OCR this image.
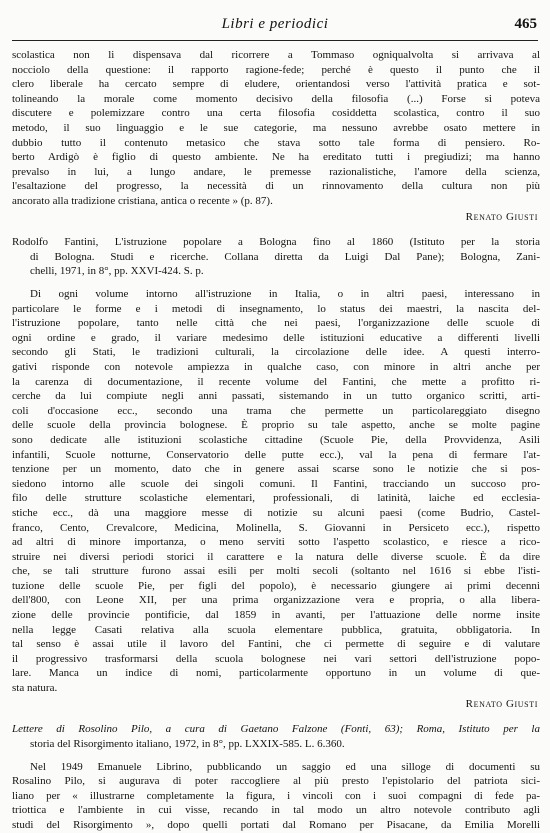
Libri e periodici	465
scolastica non li dispensava dal ricorrere a Tommaso ogniqualvolta si arrivava al
nocciolo della questione: il rapporto ragione-fede; perché è questo il punto che il
clero liberale ha cercato sempre di eludere, orientandosi verso l'attività pratica e sot-
tolineando la morale come momento decisivo della filosofia (...) Forse si poteva
discutere e polemizzare contro una certa filosofia cosiddetta scolastica, contro il suo
metodo, il suo linguaggio e le sue categorie, ma nessuno avrebbe osato mettere in
dubbio tutto il contenuto metasico che stava sotto tale forma di pensiero. Ro-
berto Ardigò è figlio di questo ambiente. Ne ha ereditato tutti i pregiudizi; ma hanno
prevalso in lui, a lungo andare, le premesse razionalistiche, l'amore della scienza,
l'esaltazione del progresso, la necessità di un rinnovamento della cultura non più
ancorato alla tradizione cristiana, antica o recente » (p. 87).
Renato Giusti
Rodolfo Fantini, L'istruzione popolare a Bologna fino al 1860 (Istituto per la storia
di Bologna. Studi e ricerche. Collana diretta da Luigi Dal Pane); Bologna, Zani-
chelli, 1971, in 8°, pp. XXVI-424. S. p.
Di ogni volume intorno all'istruzione in Italia, o in altri paesi, interessano in
particolare le forme e i metodi di insegnamento, lo status dei maestri, la nascita del-
l'istruzione popolare, tanto nelle città che nei paesi, l'organizzazione delle scuole di
ogni ordine e grado, il variare medesimo delle istituzioni educative a differenti livelli
secondo gli Stati, le tradizioni culturali, la circolazione delle idee. A questi interro-
gativi risponde con notevole ampiezza in qualche caso, con minore in altri anche per
la carenza di documentazione, il recente volume del Fantini, che mette a profitto ri-
cerche da lui compiute negli anni passati, sistemando in un tutto organico scritti, arti-
coli d'occasione ecc., secondo una trama che permette un particolareggiato disegno
delle scuole della provincia bolognese. È proprio su tale aspetto, anche se molte pagine
sono dedicate alle istituzioni scolastiche cittadine (Scuole Pie, della Provvidenza, Asili
infantili, Scuole notturne, Conservatorio delle putte ecc.), val la pena di fermare l'at-
tenzione per un momento, dato che in genere assai scarse sono le notizie che si pos-
siedono intorno alle scuole dei singoli comuni. Il Fantini, tracciando un succoso pro-
filo delle strutture scolastiche elementari, professionali, di latinità, laiche ed ecclesia-
stiche ecc., dà una maggiore messe di notizie su alcuni paesi (come Budrio, Castel-
franco, Cento, Crevalcore, Medicina, Molinella, S. Giovanni in Persiceto ecc.), rispetto
ad altri di minore importanza, o meno serviti sotto l'aspetto scolastico, e riesce a rico-
struire nei diversi periodi storici il carattere e la natura delle diverse scuole. È da dire
che, se tali strutture furono assai esili per molti secoli (soltanto nel 1616 si ebbe l'isti-
tuzione delle scuole Pie, per figli del popolo), è necessario giungere ai primi decenni
dell'800, con Leone XII, per una prima organizzazione vera e propria, o alla libera-
zione delle provincie pontificie, dal 1859 in avanti, per l'attuazione delle norme insite
nella legge Casati relativa alla scuola elementare pubblica, gratuita, obbligatoria. In
tal senso è assai utile il lavoro del Fantini, che ci permette di seguire e di valutare
il progressivo trasformarsi della scuola bolognese nei vari settori dell'istruzione popo-
lare. Manca un indice di nomi, particolarmente opportuno in un volume di que-
sta natura.
Renato Giusti
Lettere di Rosolino Pilo, a cura di Gaetano Falzone (Fonti, 63); Roma, Istituto per la
storia del Risorgimento italiano, 1972, in 8°, pp. LXXIX-585. L. 6.360.
Nel 1949 Emanuele Librino, pubblicando un saggio ed una silloge di documenti su
Rosalino Pilo, si augurava di poter raccogliere al più presto l'epistolario del patriota sici-
liano per « illustrarne completamente la figura, i vincoli con i suoi compagni di fede pa-
triottica e l'ambiente in cui visse, recando in tal modo un altro notevole contributo agli
studi del Risorgimento », dopo quelli portati dal Romano per Pisacane, da Emilia Morelli
